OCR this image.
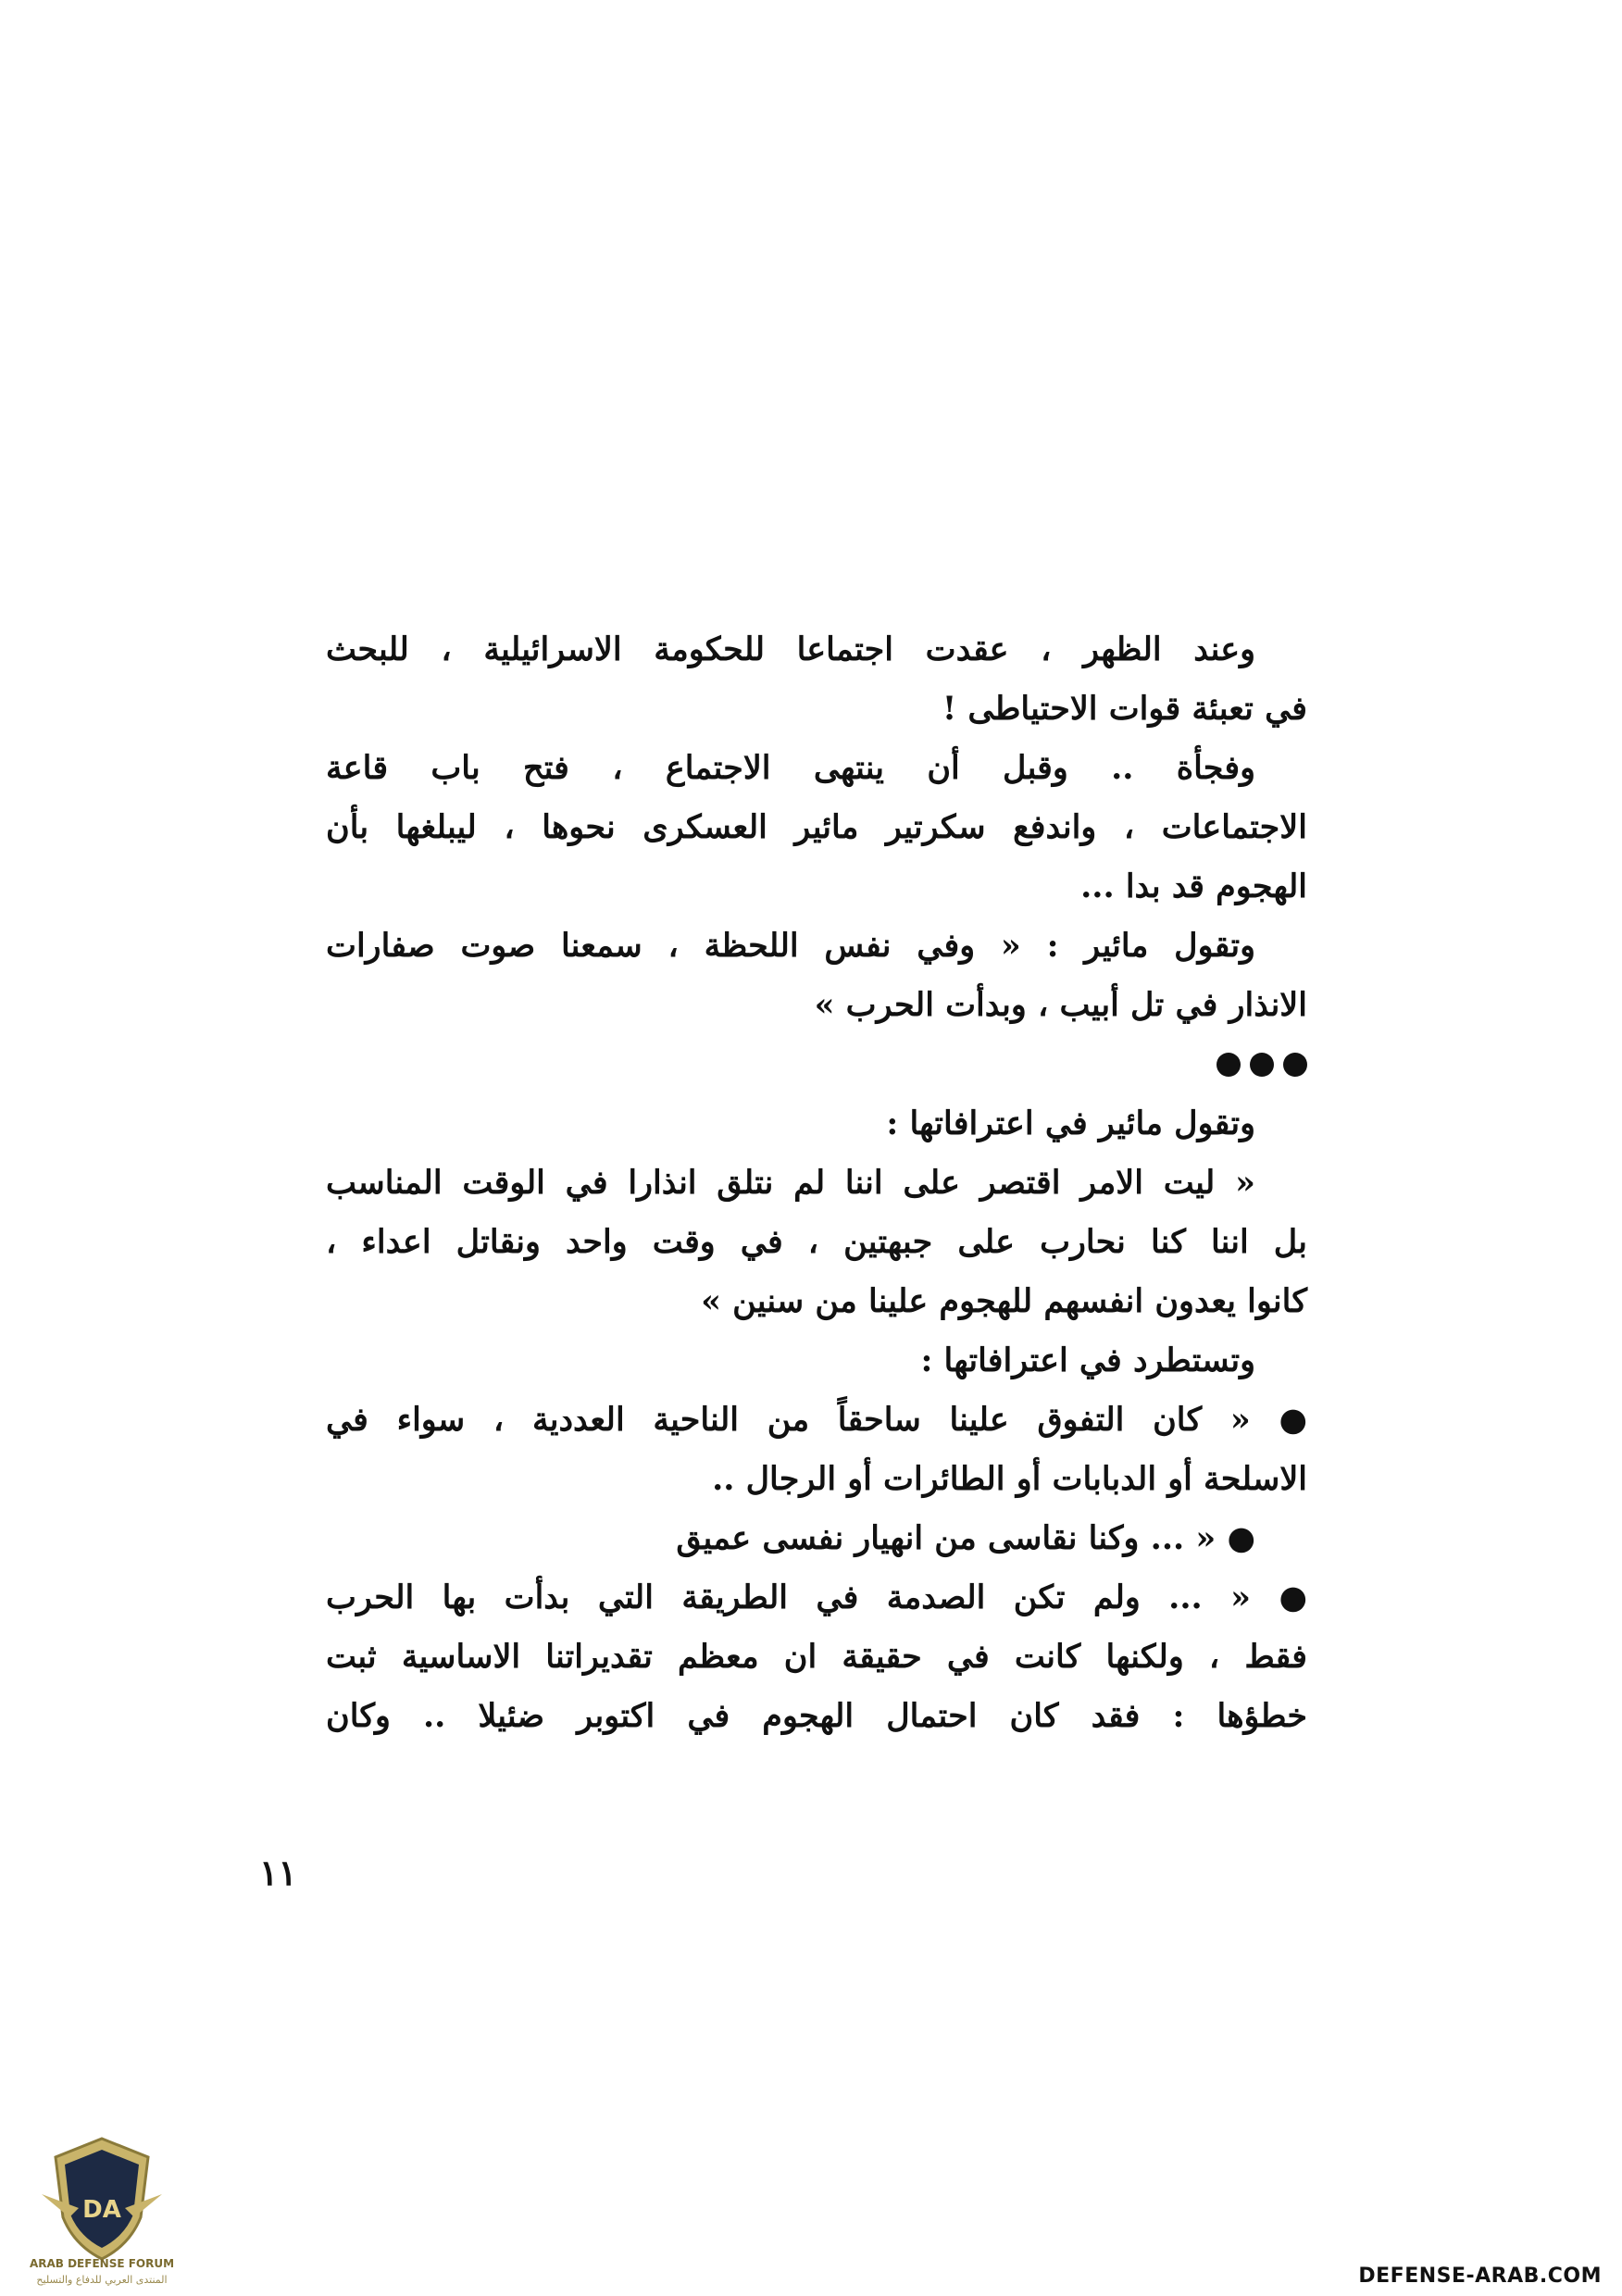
وعند الظهر ، عقدت اجتماعا للحكومة الاسرائيلية ، للبحث
في تعبئة قوات الاحتياطى !
وفجأة .. وقبل أن ينتهى الاجتماع ، فتح باب قاعة
الاجتماعات ، واندفع سكرتير مائير العسكرى نحوها ، ليبلغها بأن
الهجوم قد بدا ...
وتقول مائير : « وفي نفس اللحظة ، سمعنا صوت صفارات
الانذار في تل أبيب ، وبدأت الحرب »
وتقول مائير في اعترافاتها :
« ليت الامر اقتصر على اننا لم نتلق انذارا في الوقت المناسب
بل اننا كنا نحارب على جبهتين ، في وقت واحد ونقاتل اعداء ،
كانوا يعدون انفسهم للهجوم علينا من سنين »
وتستطرد في اعترافاتها :
● « كان التفوق علينا ساحقاً من الناحية العددية ، سواء في
الاسلحة أو الدبابات أو الطائرات أو الرجال ..
● « ... وكنا نقاسى من انهيار نفسى عميق
● « ... ولم تكن الصدمة في الطريقة التي بدأت بها الحرب
فقط ، ولكنها كانت في حقيقة ان معظم تقديراتنا الاساسية ثبت
خطؤها : فقد كان احتمال الهجوم في اكتوبر ضئيلا .. وكان
١١
DA
ARAB DEFENSE FORUM
المنتدى العربي للدفاع والتسليح	DEFENSE-ARAB.COM
